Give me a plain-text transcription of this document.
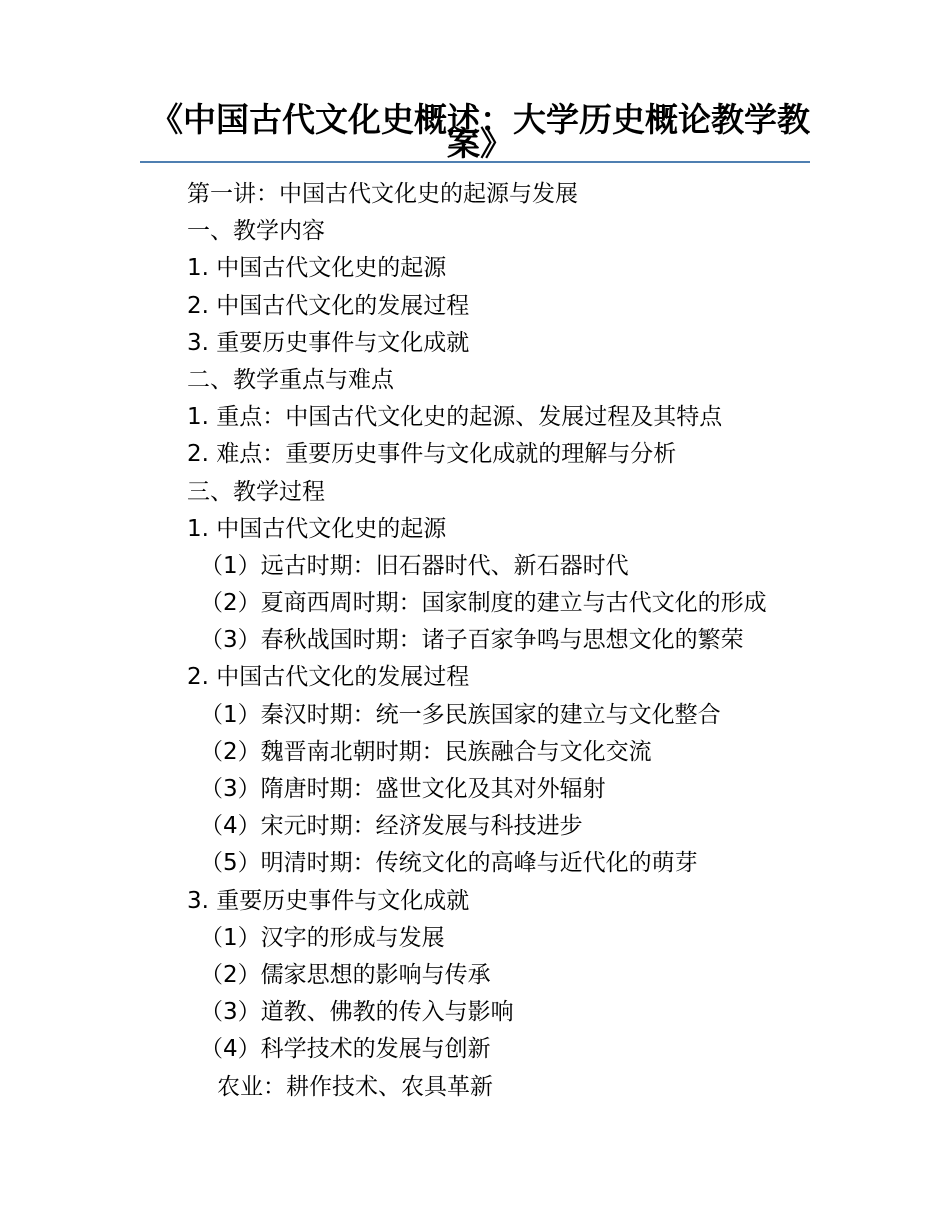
《中国古代文化史概述：大学历史概论教学教案》
第一讲：中国古代文化史的起源与发展
一、教学内容
1. 中国古代文化史的起源
2. 中国古代文化的发展过程
3. 重要历史事件与文化成就
二、教学重点与难点
1. 重点：中国古代文化史的起源、发展过程及其特点
2. 难点：重要历史事件与文化成就的理解与分析
三、教学过程
1. 中国古代文化史的起源
（1）远古时期：旧石器时代、新石器时代
（2）夏商西周时期：国家制度的建立与古代文化的形成
（3）春秋战国时期：诸子百家争鸣与思想文化的繁荣
2. 中国古代文化的发展过程
（1）秦汉时期：统一多民族国家的建立与文化整合
（2）魏晋南北朝时期：民族融合与文化交流
（3）隋唐时期：盛世文化及其对外辐射
（4）宋元时期：经济发展与科技进步
（5）明清时期：传统文化的高峰与近代化的萌芽
3. 重要历史事件与文化成就
（1）汉字的形成与发展
（2）儒家思想的影响与传承
（3）道教、佛教的传入与影响
（4）科学技术的发展与创新
农业：耕作技术、农具革新
